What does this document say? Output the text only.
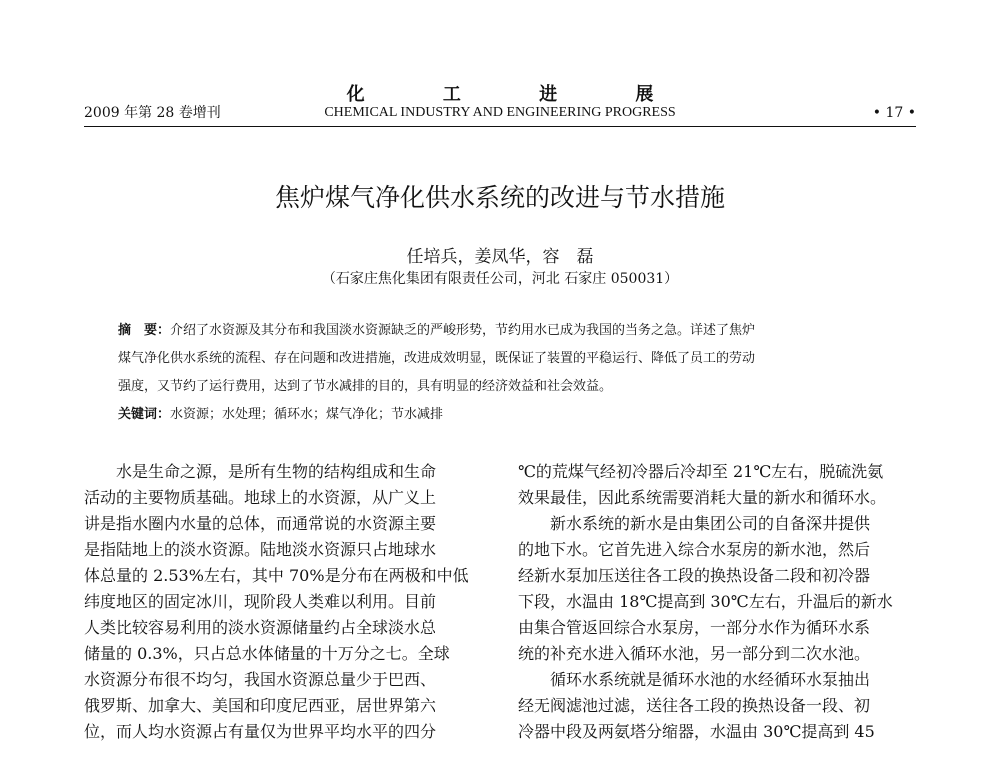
化 工 进 展
2009 年第 28 卷增刊	CHEMICAL INDUSTRY AND ENGINEERING PROGRESS	• 17 •
焦炉煤气净化供水系统的改进与节水措施
任培兵，姜凤华，容　磊
（石家庄焦化集团有限责任公司，河北 石家庄 050031）
摘　要：介绍了水资源及其分布和我国淡水资源缺乏的严峻形势，节约用水已成为我国的当务之急。详述了焦炉
煤气净化供水系统的流程、存在问题和改进措施，改进成效明显，既保证了装置的平稳运行、降低了员工的劳动
强度，又节约了运行费用，达到了节水减排的目的，具有明显的经济效益和社会效益。
关键词：水资源；水处理；循环水；煤气净化；节水减排

　　水是生命之源，是所有生物的结构组成和生命

活动的主要物质基础。地球上的水资源，从广义上

讲是指水圈内水量的总体，而通常说的水资源主要

是指陆地上的淡水资源。陆地淡水资源只占地球水

体总量的 2.53%左右，其中 70%是分布在两极和中低

纬度地区的固定冰川，现阶段人类难以利用。目前

人类比较容易利用的淡水资源储量约占全球淡水总

储量的 0.3%，只占总水体储量的十万分之七。全球

水资源分布很不均匀，我国水资源总量少于巴西、

俄罗斯、加拿大、美国和印度尼西亚，居世界第六

位，而人均水资源占有量仅为世界平均水平的四分

℃的荒煤气经初冷器后冷却至 21℃左右，脱硫洗氨

效果最佳，因此系统需要消耗大量的新水和循环水。

　　新水系统的新水是由集团公司的自备深井提供

的地下水。它首先进入综合水泵房的新水池，然后

经新水泵加压送往各工段的换热设备二段和初冷器

下段，水温由 18℃提高到 30℃左右，升温后的新水

由集合管返回综合水泵房，一部分水作为循环水系

统的补充水进入循环水池，另一部分到二次水池。

　　循环水系统就是循环水池的水经循环水泵抽出

经无阀滤池过滤，送往各工段的换热设备一段、初

冷器中段及两氨塔分缩器，水温由 30℃提高到 45
